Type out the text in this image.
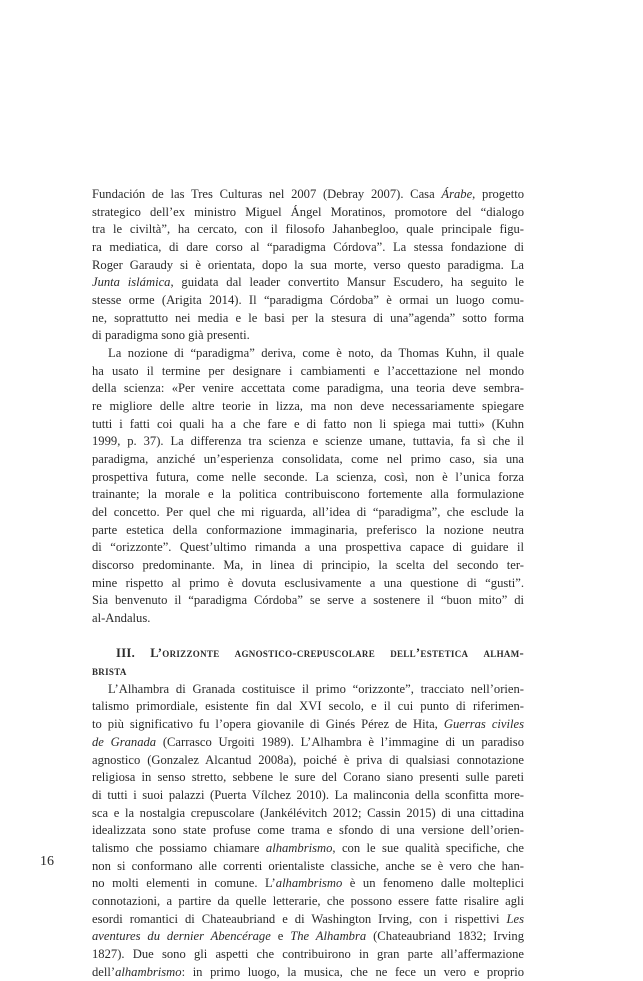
Fundación de las Tres Culturas nel 2007 (Debray 2007). Casa Árabe, progetto
strategico dell’ex ministro Miguel Ángel Moratinos, promotore del “dialogo
tra le civiltà”, ha cercato, con il filosofo Jahanbegloo, quale principale figu-
ra mediatica, di dare corso al “paradigma Córdova”. La stessa fondazione di
Roger Garaudy si è orientata, dopo la sua morte, verso questo paradigma. La
Junta islámica, guidata dal leader convertito Mansur Escudero, ha seguito le
stesse orme (Arigita 2014). Il “paradigma Córdoba” è ormai un luogo comu-
ne, soprattutto nei media e le basi per la stesura di una”agenda” sotto forma
di paradigma sono già presenti.
La nozione di “paradigma” deriva, come è noto, da Thomas Kuhn, il quale
ha usato il termine per designare i cambiamenti e l’accettazione nel mondo
della scienza: «Per venire accettata come paradigma, una teoria deve sembra-
re migliore delle altre teorie in lizza, ma non deve necessariamente spiegare
tutti i fatti coi quali ha a che fare e di fatto non li spiega mai tutti» (Kuhn
1999, p. 37). La differenza tra scienza e scienze umane, tuttavia, fa sì che il
paradigma, anziché un’esperienza consolidata, come nel primo caso, sia una
prospettiva futura, come nelle seconde. La scienza, così, non è l’unica forza
trainante; la morale e la politica contribuiscono fortemente alla formulazione
del concetto. Per quel che mi riguarda, all’idea di “paradigma”, che esclude la
parte estetica della conformazione immaginaria, preferisco la nozione neutra
di “orizzonte”. Quest’ultimo rimanda a una prospettiva capace di guidare il
discorso predominante. Ma, in linea di principio, la scelta del secondo ter-
mine rispetto al primo è dovuta esclusivamente a una questione di “gusti”.
Sia benvenuto il “paradigma Córdoba” se serve a sostenere il “buon mito” di
al-Andalus.
III. L’orizzonte agnostico-crepuscolare dell’estetica alham-
brista
L’Alhambra di Granada costituisce il primo “orizzonte”, tracciato nell’orien-
talismo primordiale, esistente fin dal XVI secolo, e il cui punto di riferimen-
to più significativo fu l’opera giovanile di Ginés Pérez de Hita, Guerras civiles
de Granada (Carrasco Urgoiti 1989). L’Alhambra è l’immagine di un paradiso
agnostico (Gonzalez Alcantud 2008a), poiché è priva di qualsiasi connotazione
religiosa in senso stretto, sebbene le sure del Corano siano presenti sulle pareti
di tutti i suoi palazzi (Puerta Vílchez 2010). La malinconia della sconfitta more-
sca e la nostalgia crepuscolare (Jankélévitch 2012; Cassin 2015) di una cittadina
idealizzata sono state profuse come trama e sfondo di una versione dell’orien-
talismo che possiamo chiamare alhambrismo, con le sue qualità specifiche, che
non si conformano alle correnti orientaliste classiche, anche se è vero che han-
no molti elementi in comune. L’alhambrismo è un fenomeno dalle molteplici
connotazioni, a partire da quelle letterarie, che possono essere fatte risalire agli
esordi romantici di Chateaubriand e di Washington Irving, con i rispettivi Les
aventures du dernier Abencérage e The Alhambra (Chateaubriand 1832; Irving
1827). Due sono gli aspetti che contribuirono in gran parte all’affermazione
dell’alhambrismo: in primo luogo, la musica, che ne fece un vero e proprio
16
